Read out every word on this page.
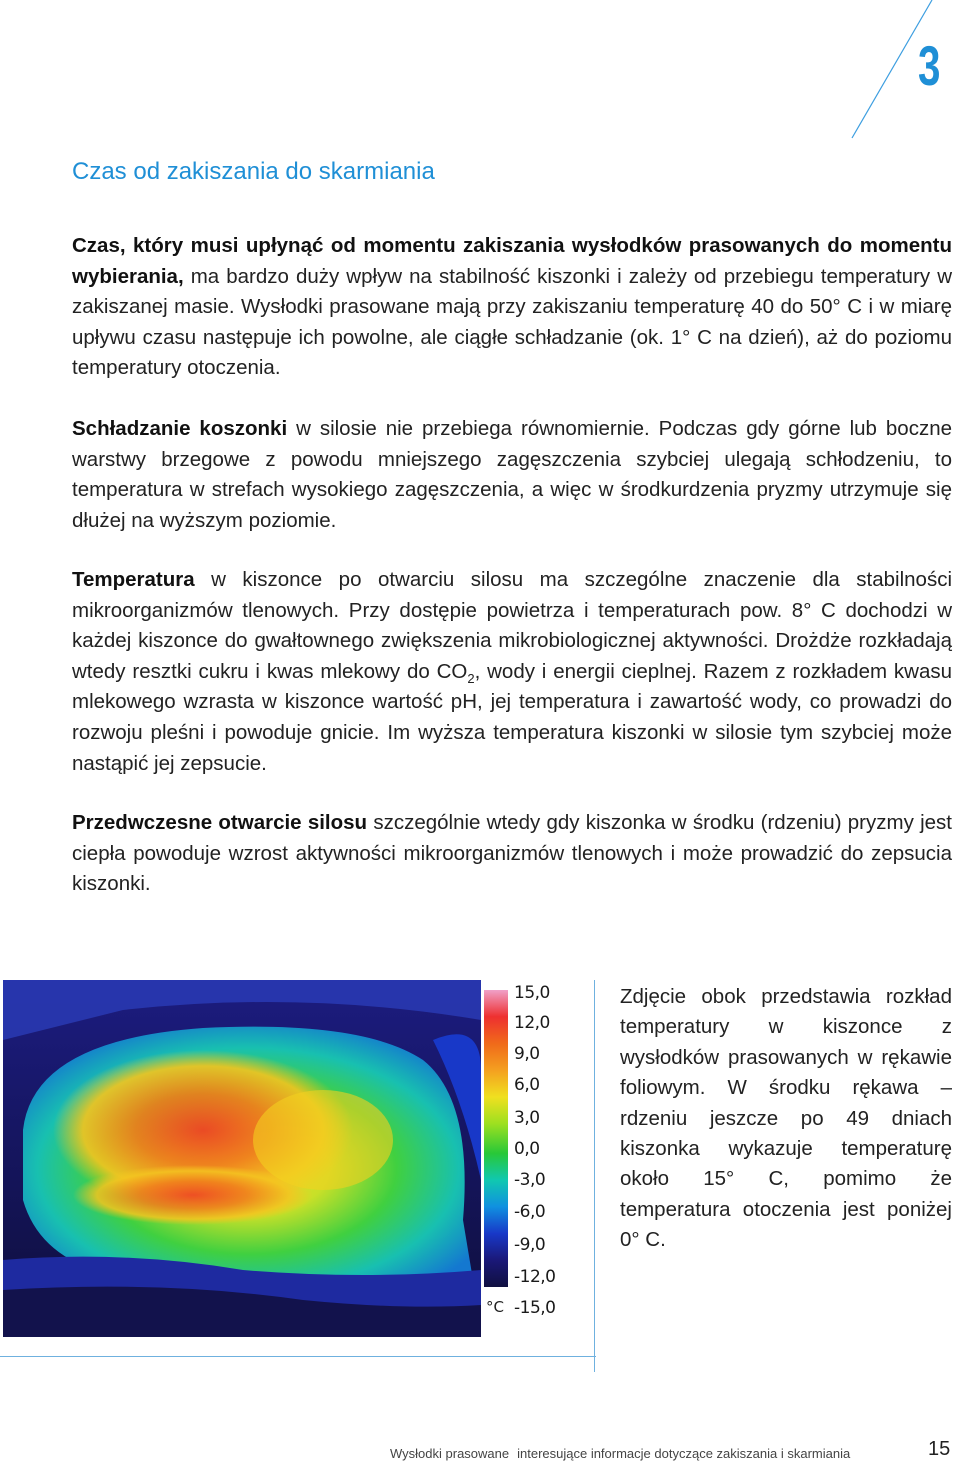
3
Czas od zakiszania do skarmiania

Czas, który musi upłynąć od momentu zakiszania wysłodków prasowanych do momentu wybierania, ma bardzo duży wpływ na stabilność kiszonki i zależy od przebiegu temperatury w zakiszanej masie. Wysłodki prasowane mają przy zakiszaniu temperaturę 40 do 50° C i w miarę upływu czasu następuje ich powolne, ale ciągłe schładzanie (ok. 1° C na dzień), aż do poziomu temperatury otoczenia.

Schładzanie koszonki w silosie nie przebiega równomiernie. Podczas gdy górne lub boczne warstwy brzegowe z powodu mniejszego zagęszczenia szybciej ulegają schłodzeniu, to temperatura w strefach wysokiego zagęszczenia, a więc w środkurdzenia pryzmy utrzymuje się dłużej na wyższym poziomie.

Temperatura w kiszonce po otwarciu silosu ma szczególne znaczenie dla stabilności mikroorganizmów tlenowych. Przy dostępie powietrza i temperaturach pow. 8° C dochodzi w każdej kiszonce do gwałtownego zwiększenia mikrobiologicznej aktywności. Drożdże rozkładają wtedy resztki cukru i kwas mlekowy do $CO_2$, wody i energii cieplnej. Razem z rozkładem kwasu mlekowego wzrasta w kiszonce wartość pH, jej temperatura i zawartość wody, co prowadzi do rozwoju pleśni i powoduje gnicie. Im wyższa temperatura kiszonki w silosie tym szybciej może nastąpić jej zepsucie.

Przedwczesne otwarcie silosu szczególnie wtedy gdy kiszonka w środku (rdzeniu) pryzmy jest ciepła powoduje wzrost aktywności mikroorganizmów tlenowych i może prowadzić do zepsucia kiszonki.

15,0
12,0
9,0
6,0
3,0
0,0
-3,0
-6,0
-9,0
-12,0
-15,0
°C

Zdjęcie obok przedstawia rozkład temperatury w kiszonce z wysłodków prasowanych w rękawie foliowym. W środku rękawa – rdzeniu jeszcze po 49 dniach kiszonka wykazuje temperaturę około 15° C, pomimo że temperatura otoczenia jest poniżej 0° C.

Wysłodki prasowane interesujące informacje dotyczące zakiszania i skarmiania	15
